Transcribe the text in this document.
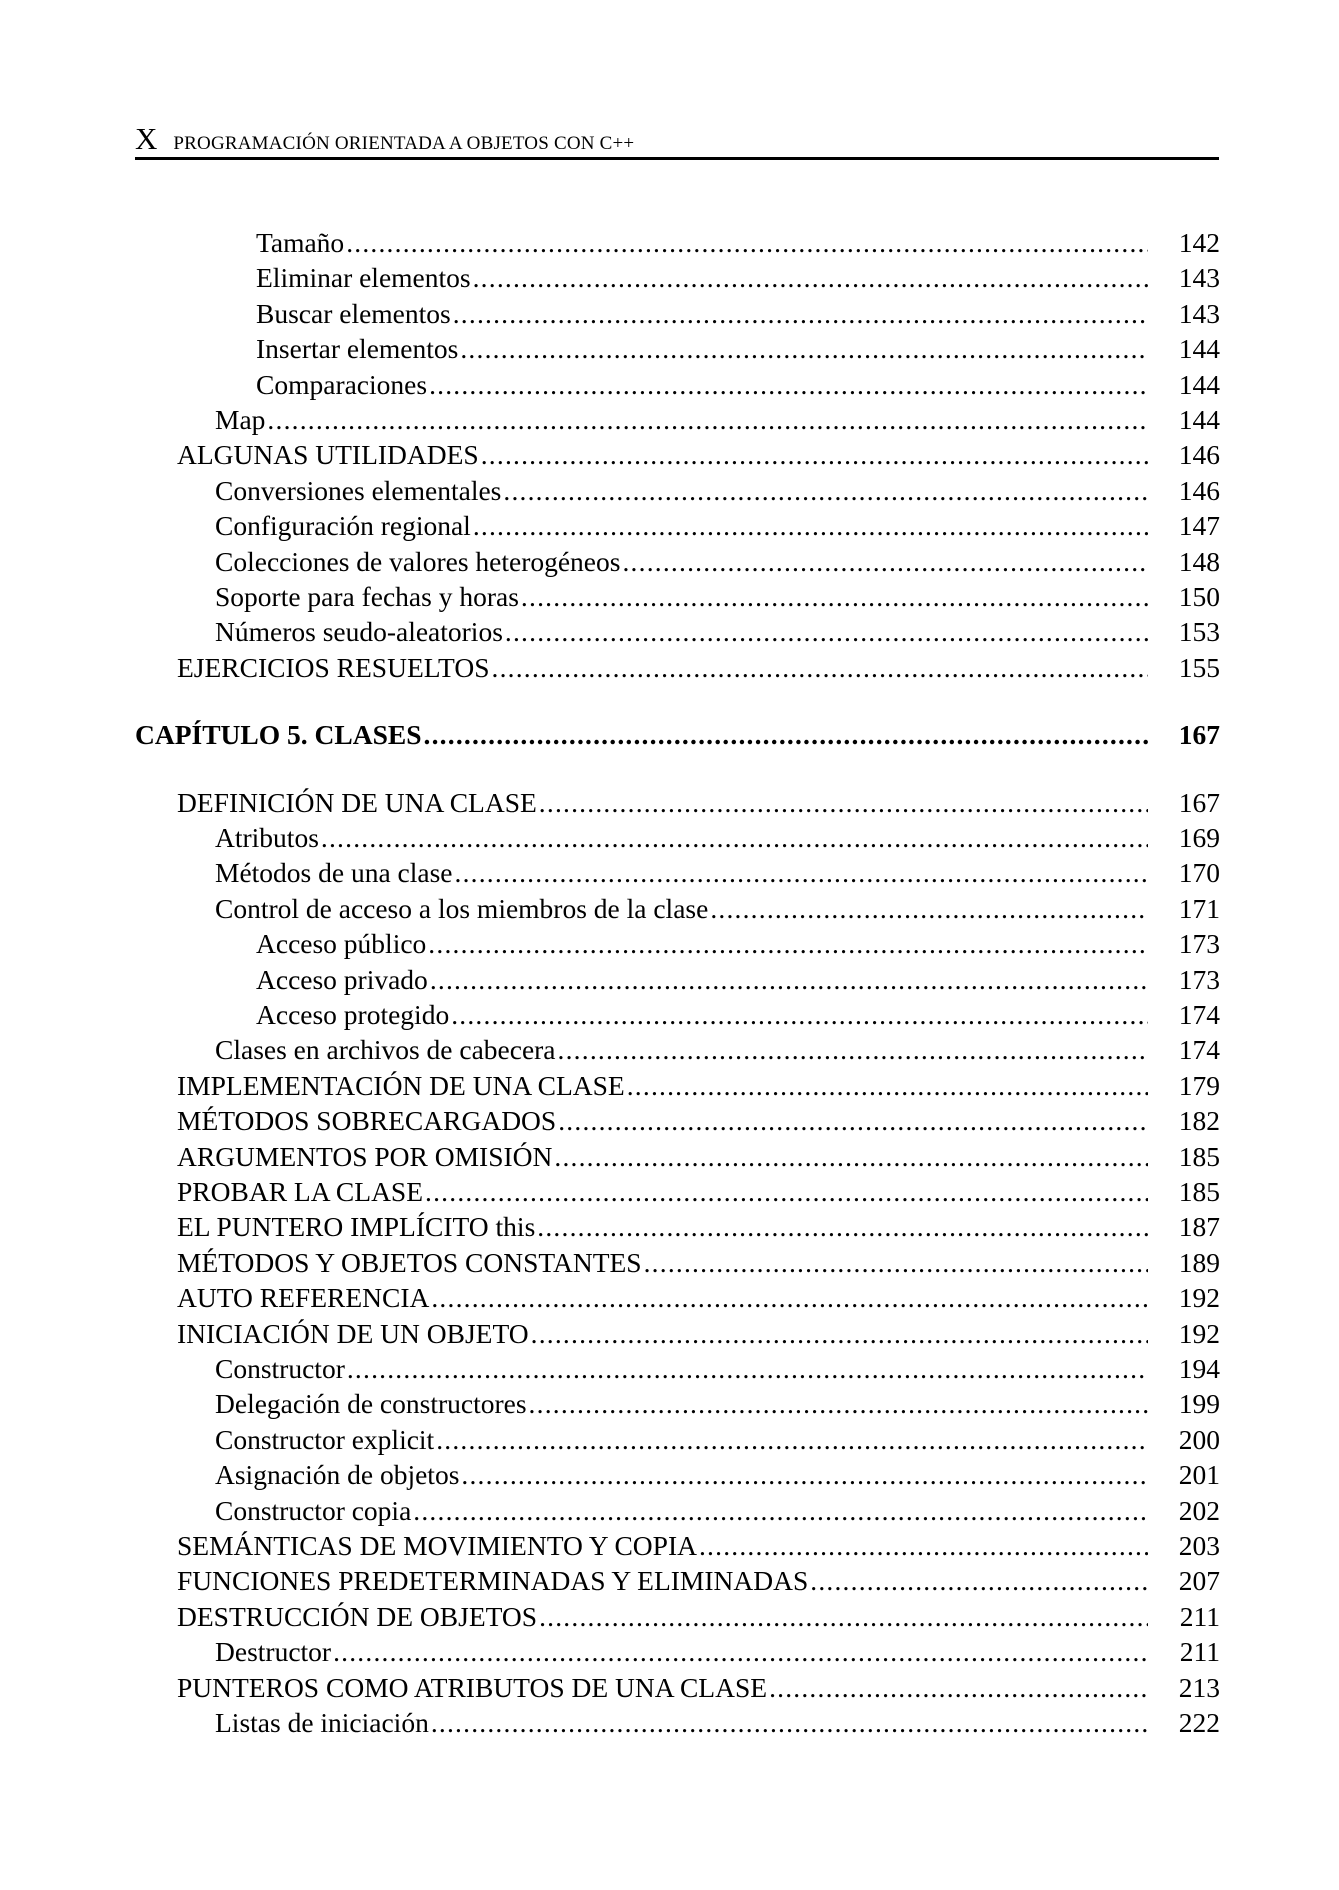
X PROGRAMACIÓN ORIENTADA A OBJETOS CON C++
Tamaño .....	142
Eliminar elementos .....	143
Buscar elementos .....	143
Insertar elementos .....	144
Comparaciones .....	144
Map .....	144
ALGUNAS UTILIDADES .....	146
Conversiones elementales .....	146
Configuración regional .....	147
Colecciones de valores heterogéneos .....	148
Soporte para fechas y horas .....	150
Números seudo-aleatorios .....	153
EJERCICIOS RESUELTOS .....	155
CAPÍTULO 5. CLASES .....	167
DEFINICIÓN DE UNA CLASE .....	167
Atributos .....	169
Métodos de una clase .....	170
Control de acceso a los miembros de la clase .....	171
Acceso público .....	173
Acceso privado .....	173
Acceso protegido .....	174
Clases en archivos de cabecera .....	174
IMPLEMENTACIÓN DE UNA CLASE .....	179
MÉTODOS SOBRECARGADOS .....	182
ARGUMENTOS POR OMISIÓN .....	185
PROBAR LA CLASE .....	185
EL PUNTERO IMPLÍCITO this .....	187
MÉTODOS Y OBJETOS CONSTANTES .....	189
AUTO REFERENCIA .....	192
INICIACIÓN DE UN OBJETO .....	192
Constructor .....	194
Delegación de constructores .....	199
Constructor explicit .....	200
Asignación de objetos .....	201
Constructor copia .....	202
SEMÁNTICAS DE MOVIMIENTO Y COPIA .....	203
FUNCIONES PREDETERMINADAS Y ELIMINADAS .....	207
DESTRUCCIÓN DE OBJETOS .....	211
Destructor .....	211
PUNTEROS COMO ATRIBUTOS DE UNA CLASE .....	213
Listas de iniciación .....	222
